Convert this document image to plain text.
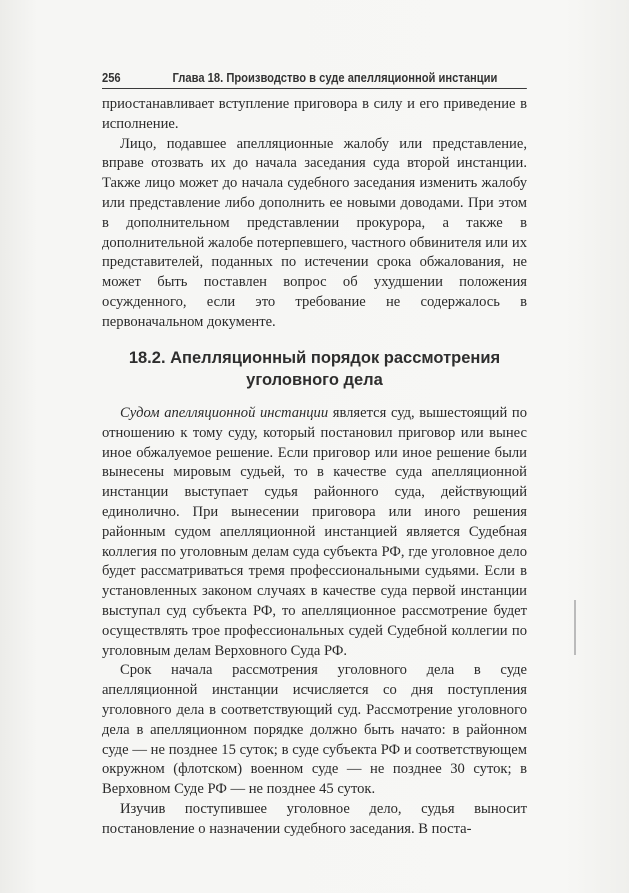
256	Глава 18. Производство в суде апелляционной инстанции

приостанавливает вступление приговора в силу и его приведение в исполнение.

Лицо, подавшее апелляционные жалобу или представление, вправе отозвать их до начала заседания суда второй инстанции. Также лицо может до начала судебного заседания изменить жалобу или представление либо дополнить ее новыми доводами. При этом в дополнительном представлении прокурора, а также в дополнительной жалобе потерпевшего, частного обвинителя или их представителей, поданных по истечении срока обжалования, не может быть поставлен вопрос об ухудшении положения осужденного, если это требование не содержалось в первоначальном документе.

18.2. Апелляционный порядок рассмотрения
уголовного дела

Судом апелляционной инстанции является суд, вышестоящий по отношению к тому суду, который постановил приговор или вынес иное обжалуемое решение. Если приговор или иное решение были вынесены мировым судьей, то в качестве суда апелляционной инстанции выступает судья районного суда, действующий единолично. При вынесении приговора или иного решения районным судом апелляционной инстанцией является Судебная коллегия по уголовным делам суда субъекта РФ, где уголовное дело будет рассматриваться тремя профессиональными судьями. Если в установленных законом случаях в качестве суда первой инстанции выступал суд субъекта РФ, то апелляционное рассмотрение будет осуществлять трое профессиональных судей Судебной коллегии по уголовным делам Верховного Суда РФ.

Срок начала рассмотрения уголовного дела в суде апелляционной инстанции исчисляется со дня поступления уголовного дела в соответствующий суд. Рассмотрение уголовного дела в апелляционном порядке должно быть начато: в районном суде — не позднее 15 суток; в суде субъекта РФ и соответствующем окружном (флотском) военном суде — не позднее 30 суток; в Верховном Суде РФ — не позднее 45 суток.

Изучив поступившее уголовное дело, судья выносит постановление о назначении судебного заседания. В поста-
